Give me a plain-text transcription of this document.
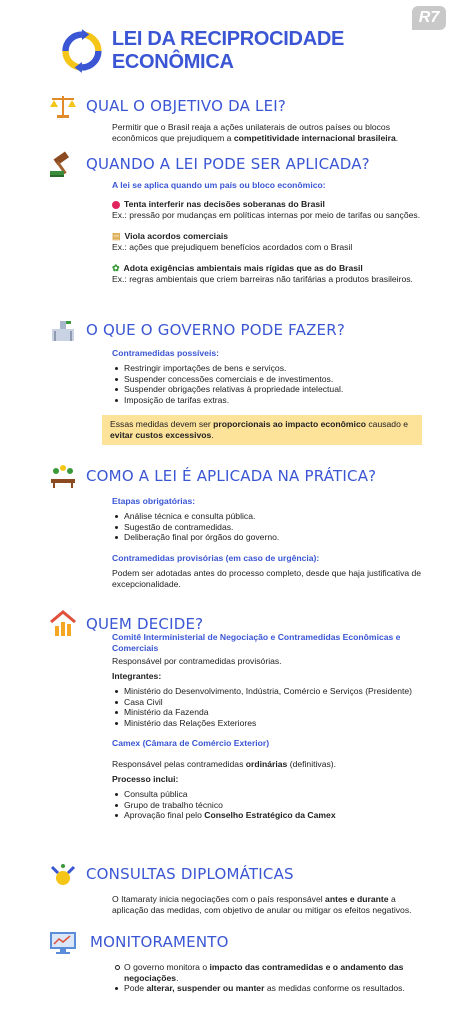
R7
LEI DA RECIPROCIDADE ECONÔMICA
QUAL O OBJETIVO DA LEI?
Permitir que o Brasil reaja a ações unilaterais de outros países ou blocos econômicos que prejudiquem a competitividade internacional brasileira.
QUANDO A LEI PODE SER APLICADA?
A lei se aplica quando um país ou bloco econômico:
Tenta interferir nas decisões soberanas do Brasil
Ex.: pressão por mudanças em políticas internas por meio de tarifas ou sanções.
▤ Viola acordos comerciais
Ex.: ações que prejudiquem benefícios acordados com o Brasil
✿ Adota exigências ambientais mais rígidas que as do Brasil
Ex.: regras ambientais que criem barreiras não tarifárias a produtos brasileiros.
O QUE O GOVERNO PODE FAZER?
Contramedidas possíveis:
Restringir importações de bens e serviços.
Suspender concessões comerciais e de investimentos.
Suspender obrigações relativas à propriedade intelectual.
Imposição de tarifas extras.
Essas medidas devem ser proporcionais ao impacto econômico causado e evitar custos excessivos.
COMO A LEI É APLICADA NA PRÁTICA?
Etapas obrigatórias:
Análise técnica e consulta pública.
Sugestão de contramedidas.
Deliberação final por órgãos do governo.
Contramedidas provisórias (em caso de urgência):
Podem ser adotadas antes do processo completo, desde que haja justificativa de excepcionalidade.
QUEM DECIDE?
Comitê Interministerial de Negociação e Contramedidas Econômicas e Comerciais
Responsável por contramedidas provisórias.
Integrantes:
Ministério do Desenvolvimento, Indústria, Comércio e Serviços (Presidente)
Casa Civil
Ministério da Fazenda
Ministério das Relações Exteriores
Camex (Câmara de Comércio Exterior)
Responsável pelas contramedidas ordinárias (definitivas).
Processo inclui:
Consulta pública
Grupo de trabalho técnico
Aprovação final pelo Conselho Estratégico da Camex
CONSULTAS DIPLOMÁTICAS
O Itamaraty inicia negociações com o país responsável antes e durante a aplicação das medidas, com objetivo de anular ou mitigar os efeitos negativos.
MONITORAMENTO
O governo monitora o impacto das contramedidas e o andamento das negociações.
Pode alterar, suspender ou manter as medidas conforme os resultados.
